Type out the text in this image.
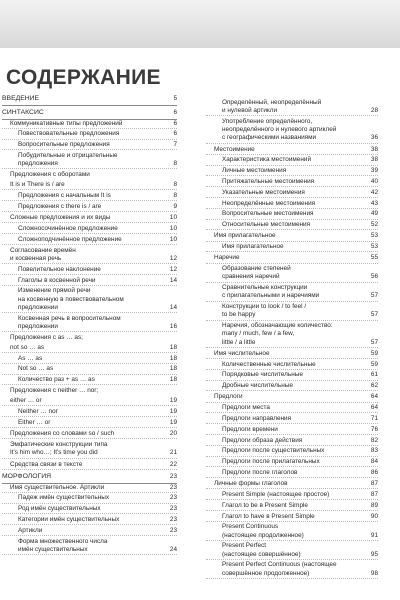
СОДЕРЖАНИЕ
ВВЕДЕНИЕ	5
СИНТАКСИС	6
Коммуникативные типы предложений	6
Повествовательные предложения	6
Вопросительные предложения	7
Побудительные и отрицательные
предложения	8
Предложения с оборотами
It is и There is / are	8
Предложения с начальным It is	8
Предложения с there is / are	9
Сложные предложения и их виды	10
Сложносочинённое предложение	10
Сложноподчинённое предложение	10
Согласование времён
и косвенная речь	12
Повелительное наклонение	12
Глаголы в косвенной речи	14
Изменение прямой речи
на косвенную в повествовательном
предложении	14
Косвенная речь в вопросительном
предложении	16
Предложения с as … as;
not so … as	18
As … as	18
Not so … as	18
Количество раз + as … as	18
Предложения с neither … nor;
either … or	19
Neither … nor	19
Either … or	19
Предложения со словами so / such	20
Эмфатические конструкции типа
It's him who…; It's time you did	21
Средства связи в тексте	22
МОРФОЛОГИЯ	23
Имя существительное. Артикли	23
Падеж имён существительных	23
Род имён существительных	23
Категории имён существительных	23
Артикли	23
Форма множественного числа
имён существительных	24
Определённый, неопределённый
и нулевой артикли	28
Употребление определённого,
неопределённого и нулевого артиклей
с географическими названиями	36
Местоимение	38
Характеристика местоимений	38
Личные местоимения	39
Притяжательные местоимения	40
Указательные местоимения	42
Неопределённые местоимения	43
Вопросительные местоимения	49
Относительные местоимения	52
Имя прилагательное	53
Имя прилагательное	53
Наречие	55
Образование степеней
сравнения наречий	56
Сравнительные конструкции
с прилагательными и наречиями	57
Конструкции to look / to feel /
to be happy	57
Наречия, обозначающие количество:
many / much, few / a few,
little / a little	57
Имя числительное	59
Количественные числительные	59
Порядковые числительные	61
Дробные числительные	62
Предлоги	64
Предлоги места	64
Предлоги направления	71
Предлоги времени	76
Предлоги образа действия	82
Предлоги после существительных	83
Предлоги после прилагательных	84
Предлоги после глаголов	86
Личные формы глаголов	87
Present Simple (настоящее простое)	87
Глагол to be в Present Simple	89
Глагол to have в Present Simple	90
Present Continuous
(настоящее продолженное)	91
Present Perfect
(настоящее совершённое)	95
Present Perfect Continuous (настоящее
совершённое продолженное)	98
